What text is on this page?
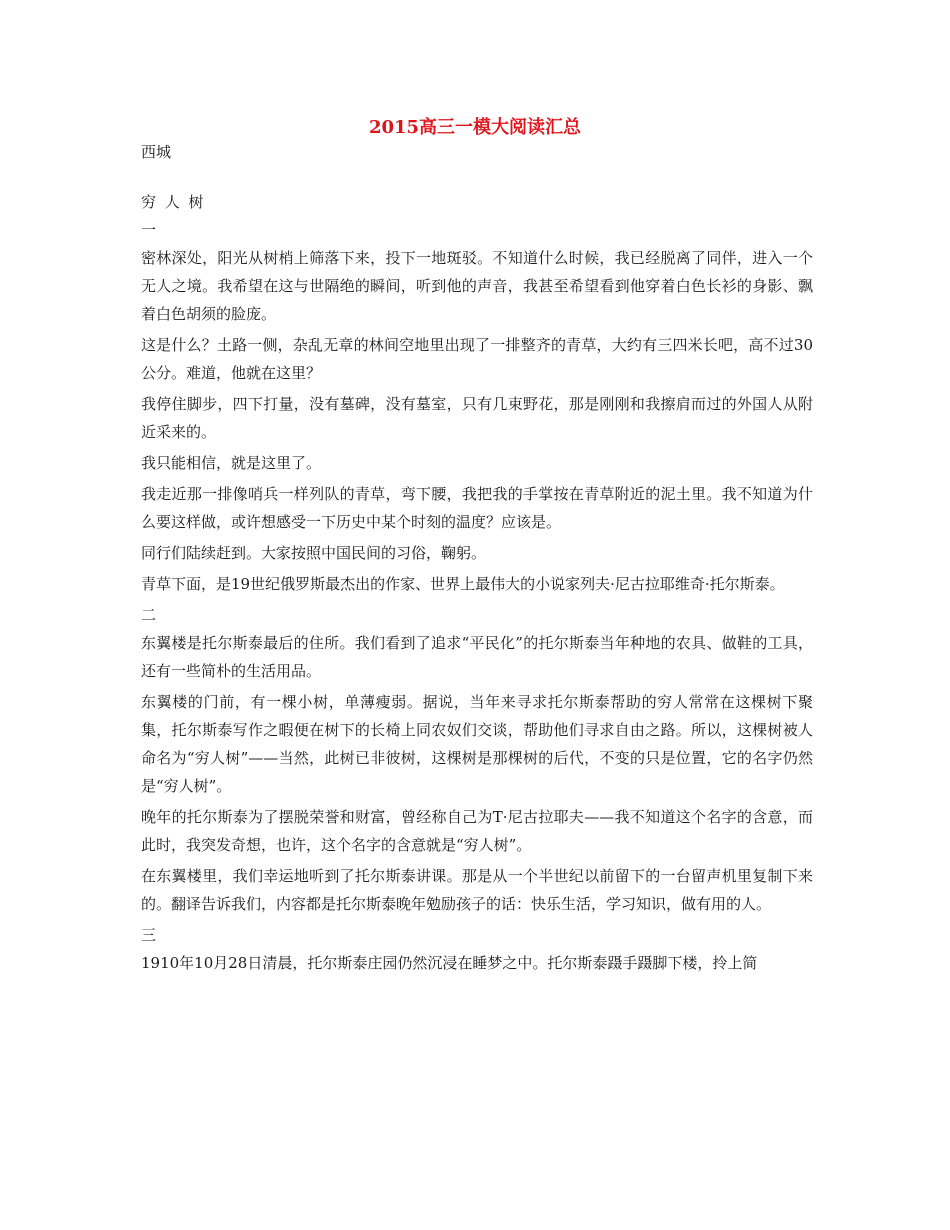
2015高三一模大阅读汇总

西城

穷 人 树

一

密林深处，阳光从树梢上筛落下来，投下一地斑驳。不知道什么时候，我已经脱离了同伴，进入一个无人之境。我希望在这与世隔绝的瞬间，听到他的声音，我甚至希望看到他穿着白色长衫的身影、飘着白色胡须的脸庞。

这是什么？土路一侧，杂乱无章的林间空地里出现了一排整齐的青草，大约有三四米长吧，高不过30公分。难道，他就在这里？

我停住脚步，四下打量，没有墓碑，没有墓室，只有几束野花，那是刚刚和我擦肩而过的外国人从附近采来的。

我只能相信，就是这里了。

我走近那一排像哨兵一样列队的青草，弯下腰，我把我的手掌按在青草附近的泥土里。我不知道为什么要这样做，或许想感受一下历史中某个时刻的温度？应该是。

同行们陆续赶到。大家按照中国民间的习俗，鞠躬。

青草下面，是19世纪俄罗斯最杰出的作家、世界上最伟大的小说家列夫·尼古拉耶维奇·托尔斯泰。

二

东翼楼是托尔斯泰最后的住所。我们看到了追求“平民化”的托尔斯泰当年种地的农具、做鞋的工具，还有一些简朴的生活用品。

东翼楼的门前，有一棵小树，单薄瘦弱。据说，当年来寻求托尔斯泰帮助的穷人常常在这棵树下聚集，托尔斯泰写作之暇便在树下的长椅上同农奴们交谈，帮助他们寻求自由之路。所以，这棵树被人命名为“穷人树”——当然，此树已非彼树，这棵树是那棵树的后代，不变的只是位置，它的名字仍然是“穷人树”。

晚年的托尔斯泰为了摆脱荣誉和财富，曾经称自己为T·尼古拉耶夫——我不知道这个名字的含意，而此时，我突发奇想，也许，这个名字的含意就是“穷人树”。

在东翼楼里，我们幸运地听到了托尔斯泰讲课。那是从一个半世纪以前留下的一台留声机里复制下来的。翻译告诉我们，内容都是托尔斯泰晚年勉励孩子的话：快乐生活，学习知识，做有用的人。

三

1910年10月28日清晨，托尔斯泰庄园仍然沉浸在睡梦之中。托尔斯泰蹑手蹑脚下楼，拎上简
